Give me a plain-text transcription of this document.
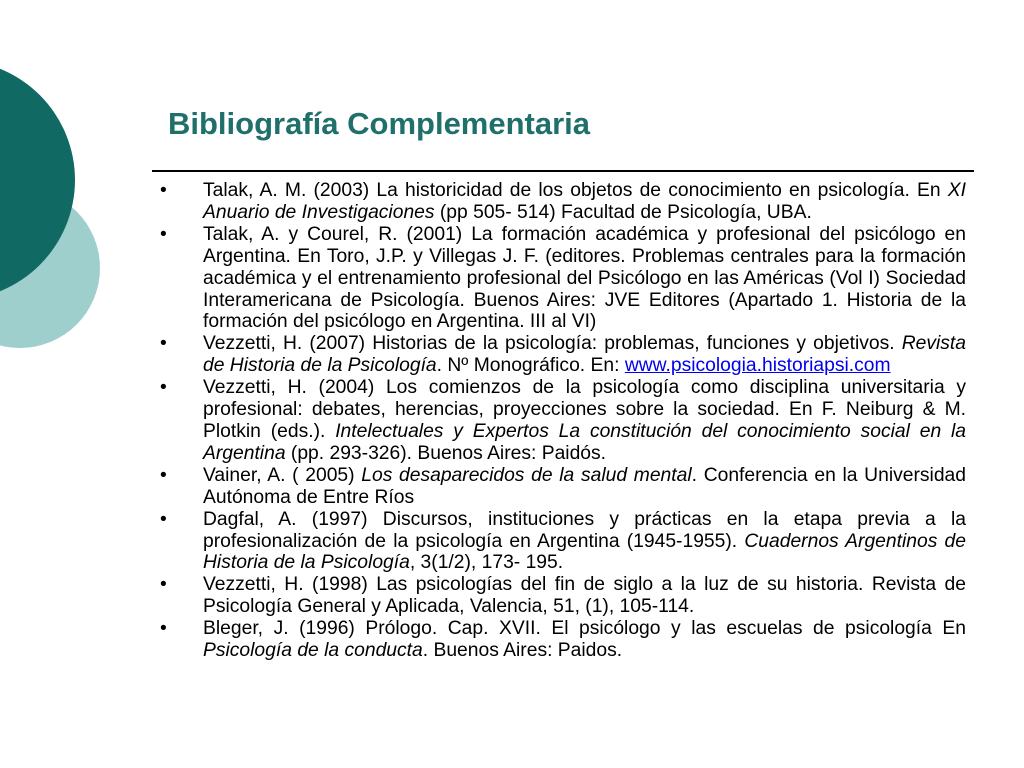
Bibliografía Complementaria
• Talak, A. M. (2003) La historicidad de los objetos de conocimiento en psicología. En XI Anuario de Investigaciones (pp 505- 514) Facultad de Psicología, UBA.
• Talak, A. y Courel, R. (2001) La formación académica y profesional del psicólogo en Argentina. En Toro, J.P. y Villegas J. F. (editores. Problemas centrales para la formación académica y el entrenamiento profesional del Psicólogo en las Américas (Vol I) Sociedad Interamericana de Psicología. Buenos Aires: JVE Editores (Apartado 1. Historia de la formación del psicólogo en Argentina. III al VI)
• Vezzetti, H. (2007) Historias de la psicología: problemas, funciones y objetivos. Revista de Historia de la Psicología. Nº Monográfico. En: www.psicologia.historiapsi.com
• Vezzetti, H. (2004) Los comienzos de la psicología como disciplina universitaria y profesional: debates, herencias, proyecciones sobre la sociedad. En F. Neiburg & M. Plotkin (eds.). Intelectuales y Expertos La constitución del conocimiento social en la Argentina (pp. 293-326). Buenos Aires: Paidós.
• Vainer, A. ( 2005) Los desaparecidos de la salud mental. Conferencia en la Universidad Autónoma de Entre Ríos
• Dagfal, A. (1997) Discursos, instituciones y prácticas en la etapa previa a la profesionalización de la psicología en Argentina (1945-1955). Cuadernos Argentinos de Historia de la Psicología, 3(1/2), 173- 195.
• Vezzetti, H. (1998) Las psicologías del fin de siglo a la luz de su historia. Revista de Psicología General y Aplicada, Valencia, 51, (1), 105-114.
• Bleger, J. (1996) Prólogo. Cap. XVII. El psicólogo y las escuelas de psicología En Psicología de la conducta. Buenos Aires: Paidos.
